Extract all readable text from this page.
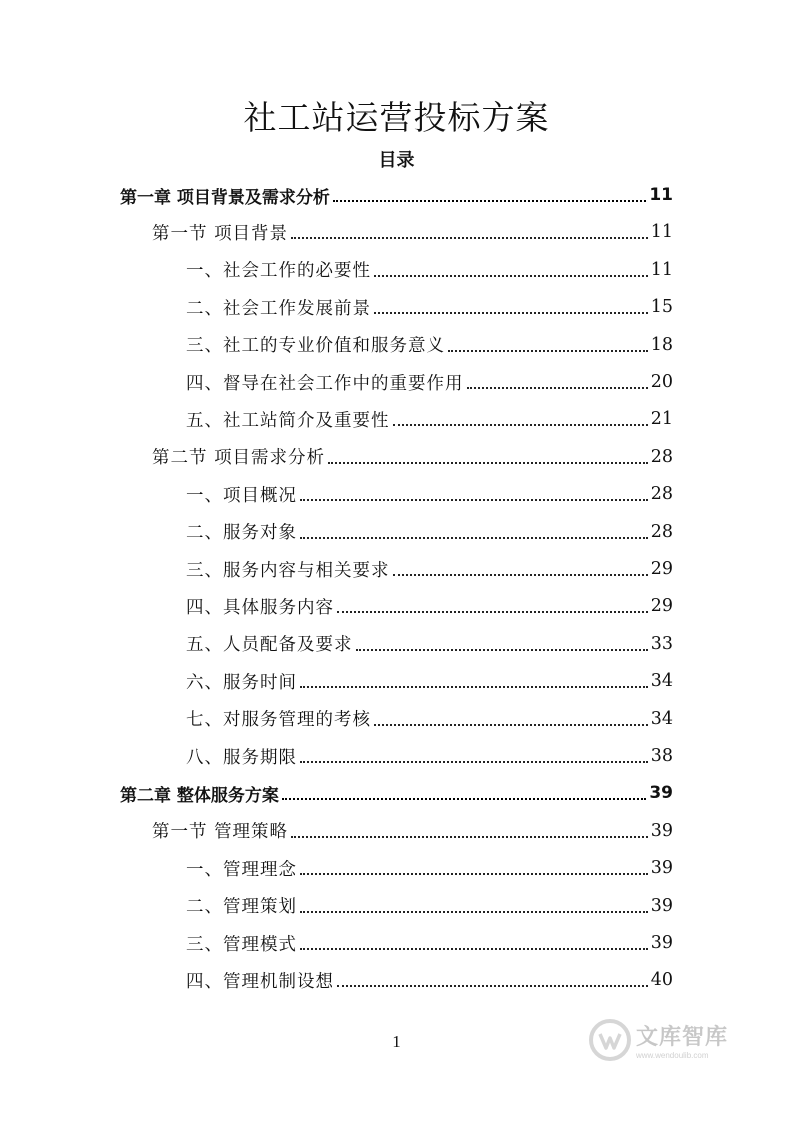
社工站运营投标方案
目录
第一章 项目背景及需求分析	11
第一节 项目背景	11
一、社会工作的必要性	11
二、社会工作发展前景	15
三、社工的专业价值和服务意义	18
四、督导在社会工作中的重要作用	20
五、社工站简介及重要性	21
第二节 项目需求分析	28
一、项目概况	28
二、服务对象	28
三、服务内容与相关要求	29
四、具体服务内容	29
五、人员配备及要求	33
六、服务时间	34
七、对服务管理的考核	34
八、服务期限	38
第二章 整体服务方案	39
第一节 管理策略	39
一、管理理念	39
二、管理策划	39
三、管理模式	39
四、管理机制设想	40
1	文库智库
www.wendoulib.com
